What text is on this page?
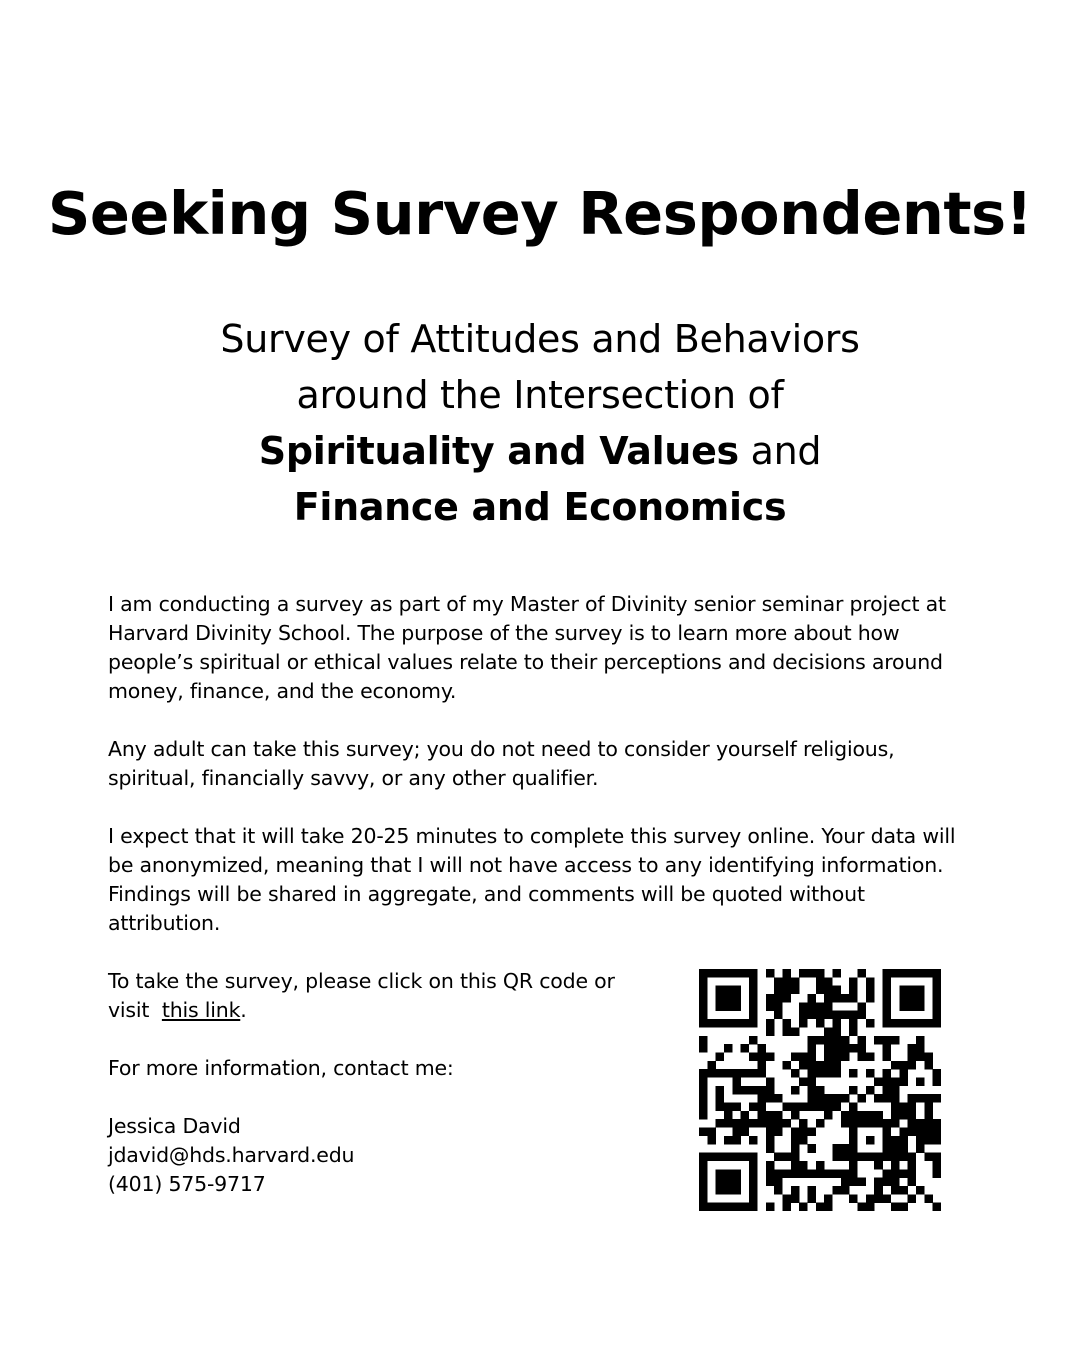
Seeking Survey Respondents!
Survey of Attitudes and Behaviors
around the Intersection of
Spirituality and Values and
Finance and Economics

I am conducting a survey as part of my Master of Divinity senior seminar project at
Harvard Divinity School. The purpose of the survey is to learn more about how
people’s spiritual or ethical values relate to their perceptions and decisions around
money, finance, and the economy.

Any adult can take this survey; you do not need to consider yourself religious,
spiritual, financially savvy, or any other qualifier.

I expect that it will take 20-25 minutes to complete this survey online. Your data will
be anonymized, meaning that I will not have access to any identifying information.
Findings will be shared in aggregate, and comments will be quoted without
attribution.

To take the survey, please click on this QR code or
visit  this link.
For more information, contact me:
Jessica David
jdavid@hds.harvard.edu
(401) 575-9717
